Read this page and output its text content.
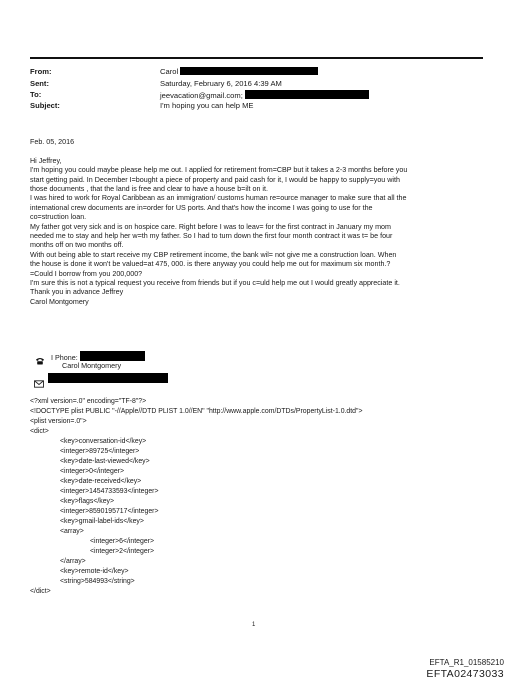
From:	Carol
Sent:	Saturday, February 6, 2016 4:39 AM
To:	jeevacation@gmail.com;
Subject:	I'm hoping you can help ME

Feb. 05, 2016

Hi Jeffrey,

I'm hoping you could maybe please help me out. I applied for retirement from=CBP but it takes a 2-3 months before you

start getting paid. In December I=bought a piece of property and paid cash for it, I would be happy to supply=you with

those documents , that the land is free and clear to have a house b=ilt on it.

I was hired to work for Royal Caribbean as an immigration/ customs human re=ource manager to make sure that all the

international crew documents are in=order for US ports. And that's how the income I was going to use for the

co=struction loan.

My father got very sick and is on hospice care. Right before I was to leav= for the first contract in January my mom

needed me to stay and help her w=th my father. So I had to turn down the first four month contract it was t= be four

months off on two months off.

With out being able to start receive my CBP retirement income, the bank wil= not give me a construction loan. When

the house is done it won't be valued=at 475, 000. is there anyway you could help me out for maximum six month.?

=Could I borrow from you 200,000?

I'm sure this is not a typical request you receive from friends but if you c=uld help me out I would greatly appreciate it.

Thank you in advance Jeffrey

Carol Montgomery

I Phone:
Carol Montgomery

<?xml version=.0" encoding="TF-8"?>

<!DOCTYPE plist PUBLIC "-//Apple//DTD PLIST 1.0//EN" "http://www.apple.com/DTDs/PropertyList-1.0.dtd">

<plist version=.0">

<dict>

<key>conversation-id</key>

<integer>89725</integer>

<key>date-last-viewed</key>

<integer>0</integer>

<key>date-received</key>

<integer>1454733593</integer>

<key>flags</key>

<integer>8590195717</integer>

<key>gmail-label-ids</key>

<array>

<integer>6</integer>

<integer>2</integer>

</array>

<key>remote-id</key>

<string>584993</string>

</dict>

1
EFTA_R1_01585210
EFTA02473033
